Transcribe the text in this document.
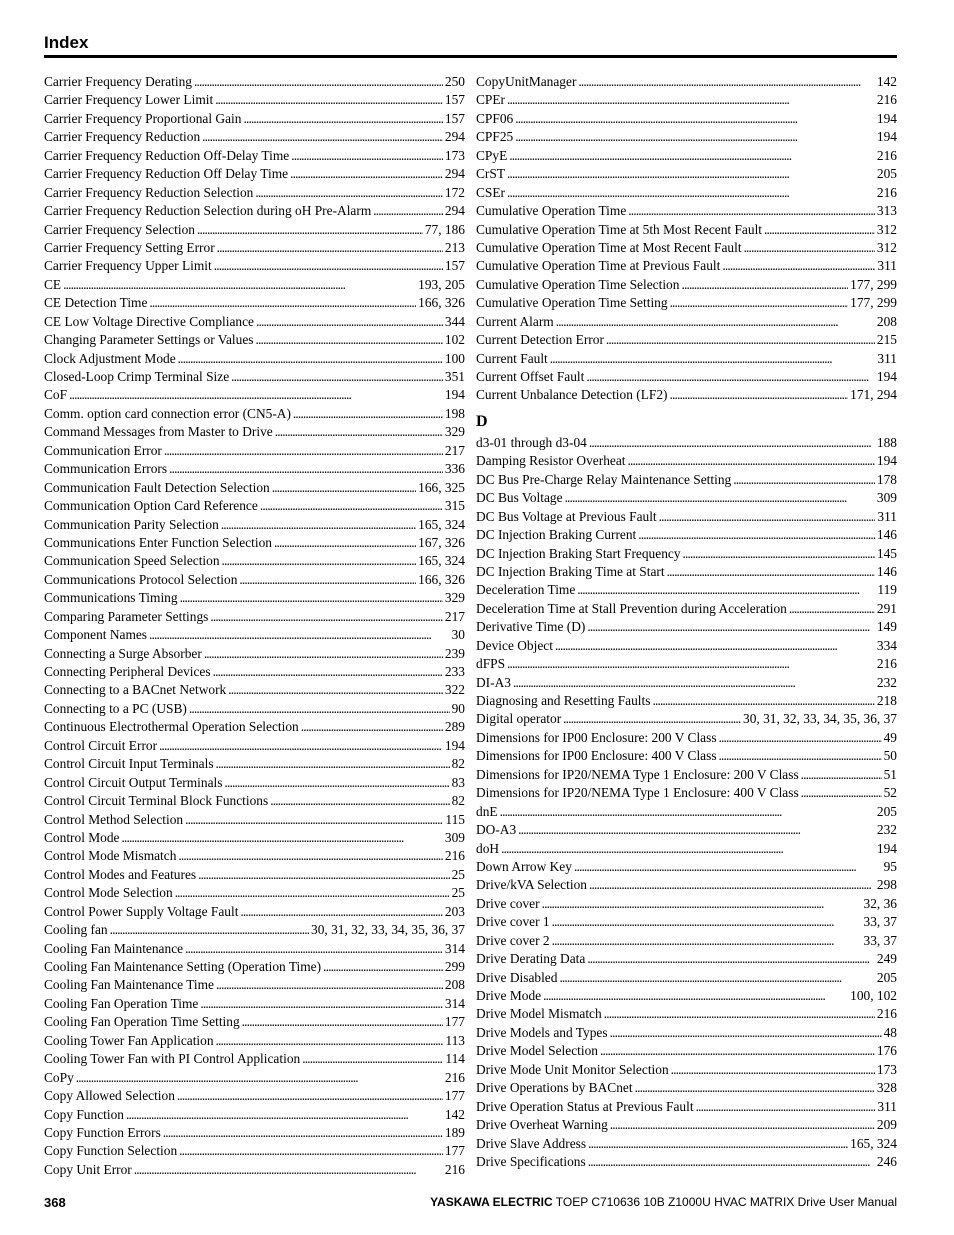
Index
Carrier Frequency Derating . . .	250
Carrier Frequency Lower Limit . . .	157
Carrier Frequency Proportional Gain . . .	157
Carrier Frequency Reduction . . .	294
Carrier Frequency Reduction Off-Delay Time . . .	173
Carrier Frequency Reduction Off Delay Time . . .	294
Carrier Frequency Reduction Selection . . .	172
Carrier Frequency Reduction Selection during oH Pre-Alarm . . .	294
Carrier Frequency Selection . . .	77, 186
Carrier Frequency Setting Error . . .	213
Carrier Frequency Upper Limit . . .	157
CE . . .	193, 205
CE Detection Time . . .	166, 326
CE Low Voltage Directive Compliance . . .	344
Changing Parameter Settings or Values . . .	102
Clock Adjustment Mode . . .	100
Closed-Loop Crimp Terminal Size . . .	351
CoF . . .	194
Comm. option card connection error (CN5-A) . . .	198
Command Messages from Master to Drive . . .	329
Communication Error . . .	217
Communication Errors . . .	336
Communication Fault Detection Selection . . .	166, 325
Communication Option Card Reference . . .	315
Communication Parity Selection . . .	165, 324
Communications Enter Function Selection . . .	167, 326
Communication Speed Selection . . .	165, 324
Communications Protocol Selection . . .	166, 326
Communications Timing . . .	329
Comparing Parameter Settings . . .	217
Component Names . . .	30
Connecting a Surge Absorber . . .	239
Connecting Peripheral Devices . . .	233
Connecting to a BACnet Network . . .	322
Connecting to a PC (USB) . . .	90
Continuous Electrothermal Operation Selection . . .	289
Control Circuit Error . . .	194
Control Circuit Input Terminals . . .	82
Control Circuit Output Terminals . . .	83
Control Circuit Terminal Block Functions . . .	82
Control Method Selection . . .	115
Control Mode . . .	309
Control Mode Mismatch . . .	216
Control Modes and Features . . .	25
Control Mode Selection . . .	25
Control Power Supply Voltage Fault . . .	203
Cooling fan . . .	30, 31, 32, 33, 34, 35, 36, 37
Cooling Fan Maintenance . . .	314
Cooling Fan Maintenance Setting (Operation Time) . . .	299
Cooling Fan Maintenance Time . . .	208
Cooling Fan Operation Time . . .	314
Cooling Fan Operation Time Setting . . .	177
Cooling Tower Fan Application . . .	113
Cooling Tower Fan with PI Control Application . . .	114
CoPy . . .	216
Copy Allowed Selection . . .	177
Copy Function . . .	142
Copy Function Errors . . .	189
Copy Function Selection . . .	177
Copy Unit Error . . .	216
CopyUnitManager . . .	142
CPEr . . .	216
CPF06 . . .	194
CPF25 . . .	194
CPyE . . .	216
CrST . . .	205
CSEr . . .	216
Cumulative Operation Time . . .	313
Cumulative Operation Time at 5th Most Recent Fault . . .	312
Cumulative Operation Time at Most Recent Fault . . .	312
Cumulative Operation Time at Previous Fault . . .	311
Cumulative Operation Time Selection . . .	177, 299
Cumulative Operation Time Setting . . .	177, 299
Current Alarm . . .	208
Current Detection Error . . .	215
Current Fault . . .	311
Current Offset Fault . . .	194
Current Unbalance Detection (LF2) . . .	171, 294
D
d3-01 through d3-04 . . .	188
Damping Resistor Overheat . . .	194
DC Bus Pre-Charge Relay Maintenance Setting . . .	178
DC Bus Voltage . . .	309
DC Bus Voltage at Previous Fault . . .	311
DC Injection Braking Current . . .	146
DC Injection Braking Start Frequency . . .	145
DC Injection Braking Time at Start . . .	146
Deceleration Time . . .	119
Deceleration Time at Stall Prevention during Acceleration . . .	291
Derivative Time (D) . . .	149
Device Object . . .	334
dFPS . . .	216
DI-A3 . . .	232
Diagnosing and Resetting Faults . . .	218
Digital operator . . .	30, 31, 32, 33, 34, 35, 36, 37
Dimensions for IP00 Enclosure: 200 V Class . . .	49
Dimensions for IP00 Enclosure: 400 V Class . . .	50
Dimensions for IP20/NEMA Type 1 Enclosure: 200 V Class . . .	51
Dimensions for IP20/NEMA Type 1 Enclosure: 400 V Class . . .	52
dnE . . .	205
DO-A3 . . .	232
doH . . .	194
Down Arrow Key . . .	95
Drive/kVA Selection . . .	298
Drive cover . . .	32, 36
Drive cover 1 . . .	33, 37
Drive cover 2 . . .	33, 37
Drive Derating Data . . .	249
Drive Disabled . . .	205
Drive Mode . . .	100, 102
Drive Model Mismatch . . .	216
Drive Models and Types . . .	48
Drive Model Selection . . .	176
Drive Mode Unit Monitor Selection . . .	173
Drive Operations by BACnet . . .	328
Drive Operation Status at Previous Fault . . .	311
Drive Overheat Warning . . .	209
Drive Slave Address . . .	165, 324
Drive Specifications . . .	246
368	YASKAWA ELECTRIC TOEP C710636 10B Z1000U HVAC MATRIX Drive User Manual
